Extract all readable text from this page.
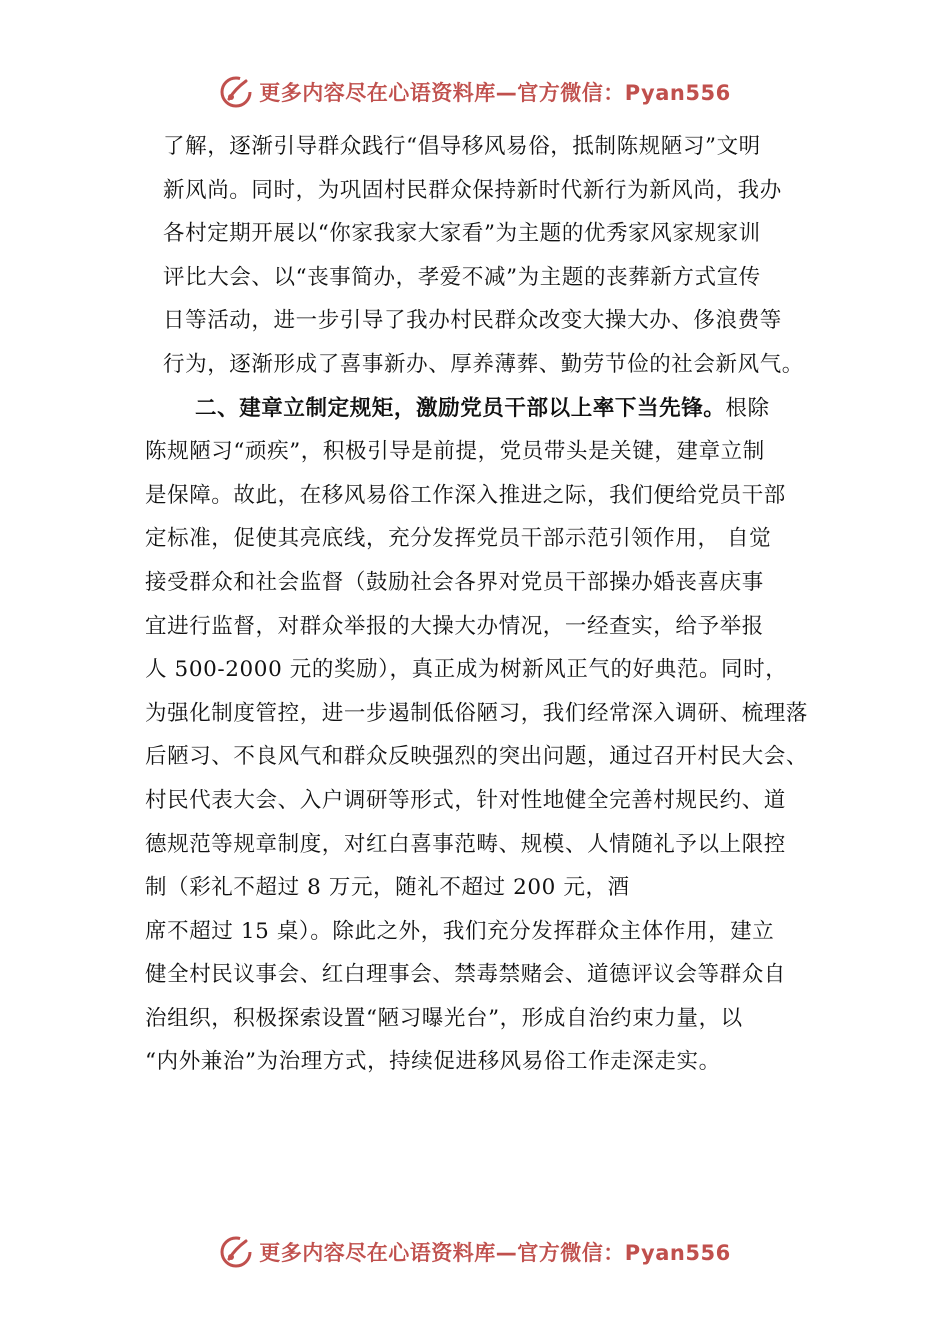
更多内容尽在心语资料库—官方微信：Pyan556
了解，逐渐引导群众践行“倡导移风易俗，抵制陈规陋习”文明
新风尚。同时，为巩固村民群众保持新时代新行为新风尚，我办
各村定期开展以“你家我家大家看”为主题的优秀家风家规家训
评比大会、以“丧事简办，孝爱不减”为主题的丧葬新方式宣传
日等活动，进一步引导了我办村民群众改变大操大办、侈浪费等
行为，逐渐形成了喜事新办、厚养薄葬、勤劳节俭的社会新风气。
二、建章立制定规矩，激励党员干部以上率下当先锋。根除
陈规陋习“顽疾”，积极引导是前提，党员带头是关键，建章立制
是保障。故此，在移风易俗工作深入推进之际，我们便给党员干部
定标准，促使其亮底线，充分发挥党员干部示范引领作用， 自觉
接受群众和社会监督（鼓励社会各界对党员干部操办婚丧喜庆事
宜进行监督，对群众举报的大操大办情况，一经查实，给予举报
人 500-2000 元的奖励），真正成为树新风正气的好典范。同时，
为强化制度管控，进一步遏制低俗陋习，我们经常深入调研、梳理落
后陋习、不良风气和群众反映强烈的突出问题，通过召开村民大会、
村民代表大会、入户调研等形式，针对性地健全完善村规民约、道
德规范等规章制度，对红白喜事范畴、规模、人情随礼予以上限控
制（彩礼不超过 8 万元，随礼不超过 200 元，酒
席不超过 15 桌）。除此之外，我们充分发挥群众主体作用，建立
健全村民议事会、红白理事会、禁毒禁赌会、道德评议会等群众自
治组织，积极探索设置“陋习曝光台”，形成自治约束力量，以
“内外兼治”为治理方式，持续促进移风易俗工作走深走实。
更多内容尽在心语资料库—官方微信：Pyan556
